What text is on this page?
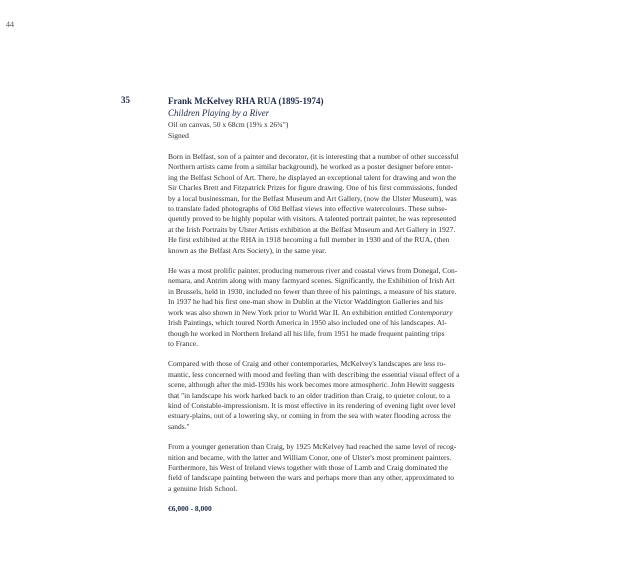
44
35	Frank McKelvey RHA RUA (1895-1974)

Children Playing by a River

Oil on canvas, 50 x 68cm (19¾ x 26¾")

Signed

Born in Belfast, son of a painter and decorator, (it is interesting that a number of other successful
Northern artists came from a similar background), he worked as a poster designer before enter-
ing the Belfast School of Art. There, he displayed an exceptional talent for drawing and won the
Sir Charles Brett and Fitzpatrick Prizes for figure drawing. One of his first commissions, funded
by a local businessman, for the Belfast Museum and Art Gallery, (now the Ulster Museum), was
to translate faded photographs of Old Belfast views into effective watercolours. These subse-
quently proved to be highly popular with visitors. A talented portrait painter, he was represented
at the Irish Portraits by Ulster Artists exhibition at the Belfast Museum and Art Gallery in 1927.
He first exhibited at the RHA in 1918 becoming a full member in 1930 and of the RUA, (then
known as the Belfast Arts Society), in the same year.
He was a most prolific painter, producing numerous river and coastal views from Donegal, Con-
nemara, and Antrim along with many farmyard scenes. Significantly, the Exhibition of Irish Art
in Brussels, held in 1930, included no fewer than three of his paintings, a measure of his stature.
In 1937 he had his first one-man show in Dublin at the Victor Waddington Galleries and his
work was also shown in New York prior to World War II. An exhibition entitled Contemporary
Irish Paintings, which toured North America in 1950 also included one of his landscapes. Al-
though he worked in Northern Ireland all his life, from 1951 he made frequent painting trips
to France.
Compared with those of Craig and other contemporaries, McKelvey's landscapes are less ro-
mantic, less concerned with mood and feeling than with describing the essential visual effect of a
scene, although after the mid-1930s his work becomes more atmospheric. John Hewitt suggests
that "in landscape his work harked back to an older tradition than Craig, to quieter colour, to a
kind of Constable-impressionism. It is most effective in its rendering of evening light over level
estuary-plains, out of a lowering sky, or coming in from the sea with water flooding across the
sands."
From a younger generation than Craig, by 1925 McKelvey had reached the same level of recog-
nition and became, with the latter and William Conor, one of Ulster's most prominent painters.
Furthermore, his West of Ireland views together with those of Lamb and Craig dominated the
field of landscape painting between the wars and perhaps more than any other, approximated to
a genuine Irish School.
€6,000 - 8,000
